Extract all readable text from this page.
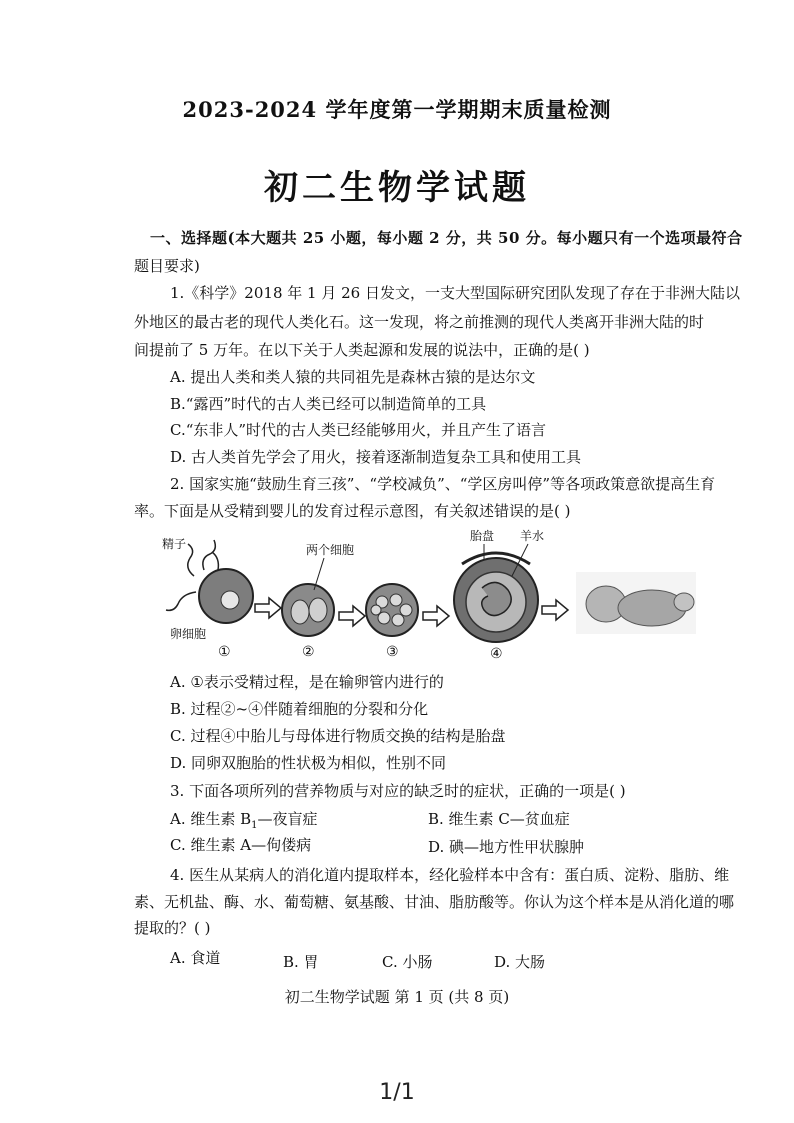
2023-2024 学年度第一学期期末质量检测
初二生物学试题
一、选择题(本大题共 25 小题，每小题 2 分，共 50 分。每小题只有一个选项最符合
题目要求)
1.《科学》2018 年 1 月 26 日发文，一支大型国际研究团队发现了存在于非洲大陆以
外地区的最古老的现代人类化石。这一发现，将之前推测的现代人类离开非洲大陆的时
间提前了 5 万年。在以下关于人类起源和发展的说法中，正确的是( )
A. 提出人类和类人猿的共同祖先是森林古猿的是达尔文
B.“露西”时代的古人类已经可以制造简单的工具
C.“东非人”时代的古人类已经能够用火，并且产生了语言
D. 古人类首先学会了用火，接着逐渐制造复杂工具和使用工具
2. 国家实施“鼓励生育三孩”、“学校减负”、“学区房叫停”等各项政策意欲提高生育
率。下面是从受精到婴儿的发育过程示意图，有关叙述错误的是( )
精子
卵细胞
①
两个细胞
②	③
胎盘 羊水
④
A. ①表示受精过程，是在输卵管内进行的
B. 过程②~④伴随着细胞的分裂和分化
C. 过程④中胎儿与母体进行物质交换的结构是胎盘
D. 同卵双胞胎的性状极为相似，性别不同
3. 下面各项所列的营养物质与对应的缺乏时的症状，正确的一项是( )
A. 维生素 $B_1—$夜盲症	B. 维生素 C—贫血症
C. 维生素 A—佝偻病	D. 碘—地方性甲状腺肿
4. 医生从某病人的消化道内提取样本，经化验样本中含有：蛋白质、淀粉、脂肪、维
素、无机盐、酶、水、葡萄糖、氨基酸、甘油、脂肪酸等。你认为这个样本是从消化道的哪
提取的？( )
A. 食道	B. 胃	C. 小肠	D. 大肠
初二生物学试题 第 1 页 (共 8 页)
1/1
